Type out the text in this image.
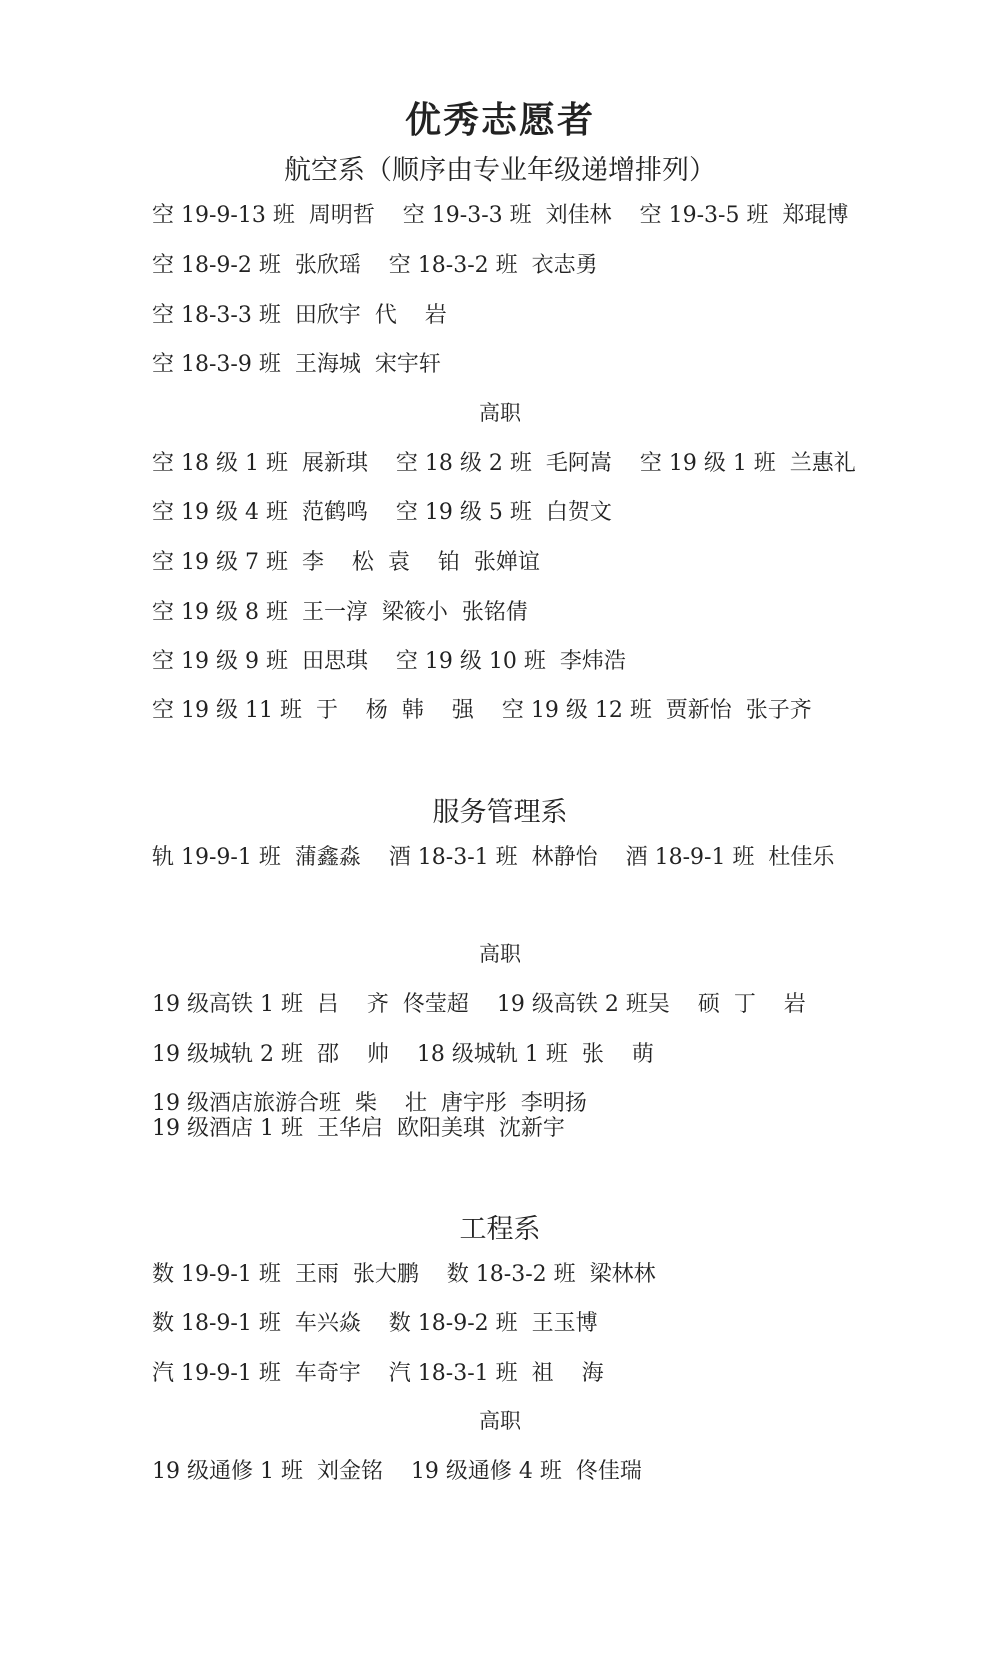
优秀志愿者
航空系（顺序由专业年级递增排列）
空 19-9-13 班  周明哲    空 19-3-3 班  刘佳林    空 19-3-5 班  郑琨博
空 18-9-2 班  张欣瑶    空 18-3-2 班  衣志勇
空 18-3-3 班  田欣宇  代    岩
空 18-3-9 班  王海城  宋宇轩
高职
空 18 级 1 班  展新琪    空 18 级 2 班  毛阿嵩    空 19 级 1 班  兰惠礼
空 19 级 4 班  范鹤鸣    空 19 级 5 班  白贺文
空 19 级 7 班  李    松  袁    铂  张婵谊
空 19 级 8 班  王一淳  梁筱小  张铭倩
空 19 级 9 班  田思琪    空 19 级 10 班  李炜浩
空 19 级 11 班  于    杨  韩    强    空 19 级 12 班  贾新怡  张子齐
服务管理系
轨 19-9-1 班  蒲鑫淼    酒 18-3-1 班  林静怡    酒 18-9-1 班  杜佳乐
高职
19 级高铁 1 班  吕    齐  佟莹超    19 级高铁 2 班吴    硕  丁    岩
19 级城轨 2 班  邵    帅    18 级城轨 1 班  张    萌
19 级酒店旅游合班  柴    壮  唐宇彤  李明扬
19 级酒店 1 班  王华启  欧阳美琪  沈新宇
工程系
数 19-9-1 班  王雨  张大鹏    数 18-3-2 班  梁林林
数 18-9-1 班  车兴焱    数 18-9-2 班  王玉博
汽 19-9-1 班  车奇宇    汽 18-3-1 班  祖    海
高职
19 级通修 1 班  刘金铭    19 级通修 4 班  佟佳瑞
